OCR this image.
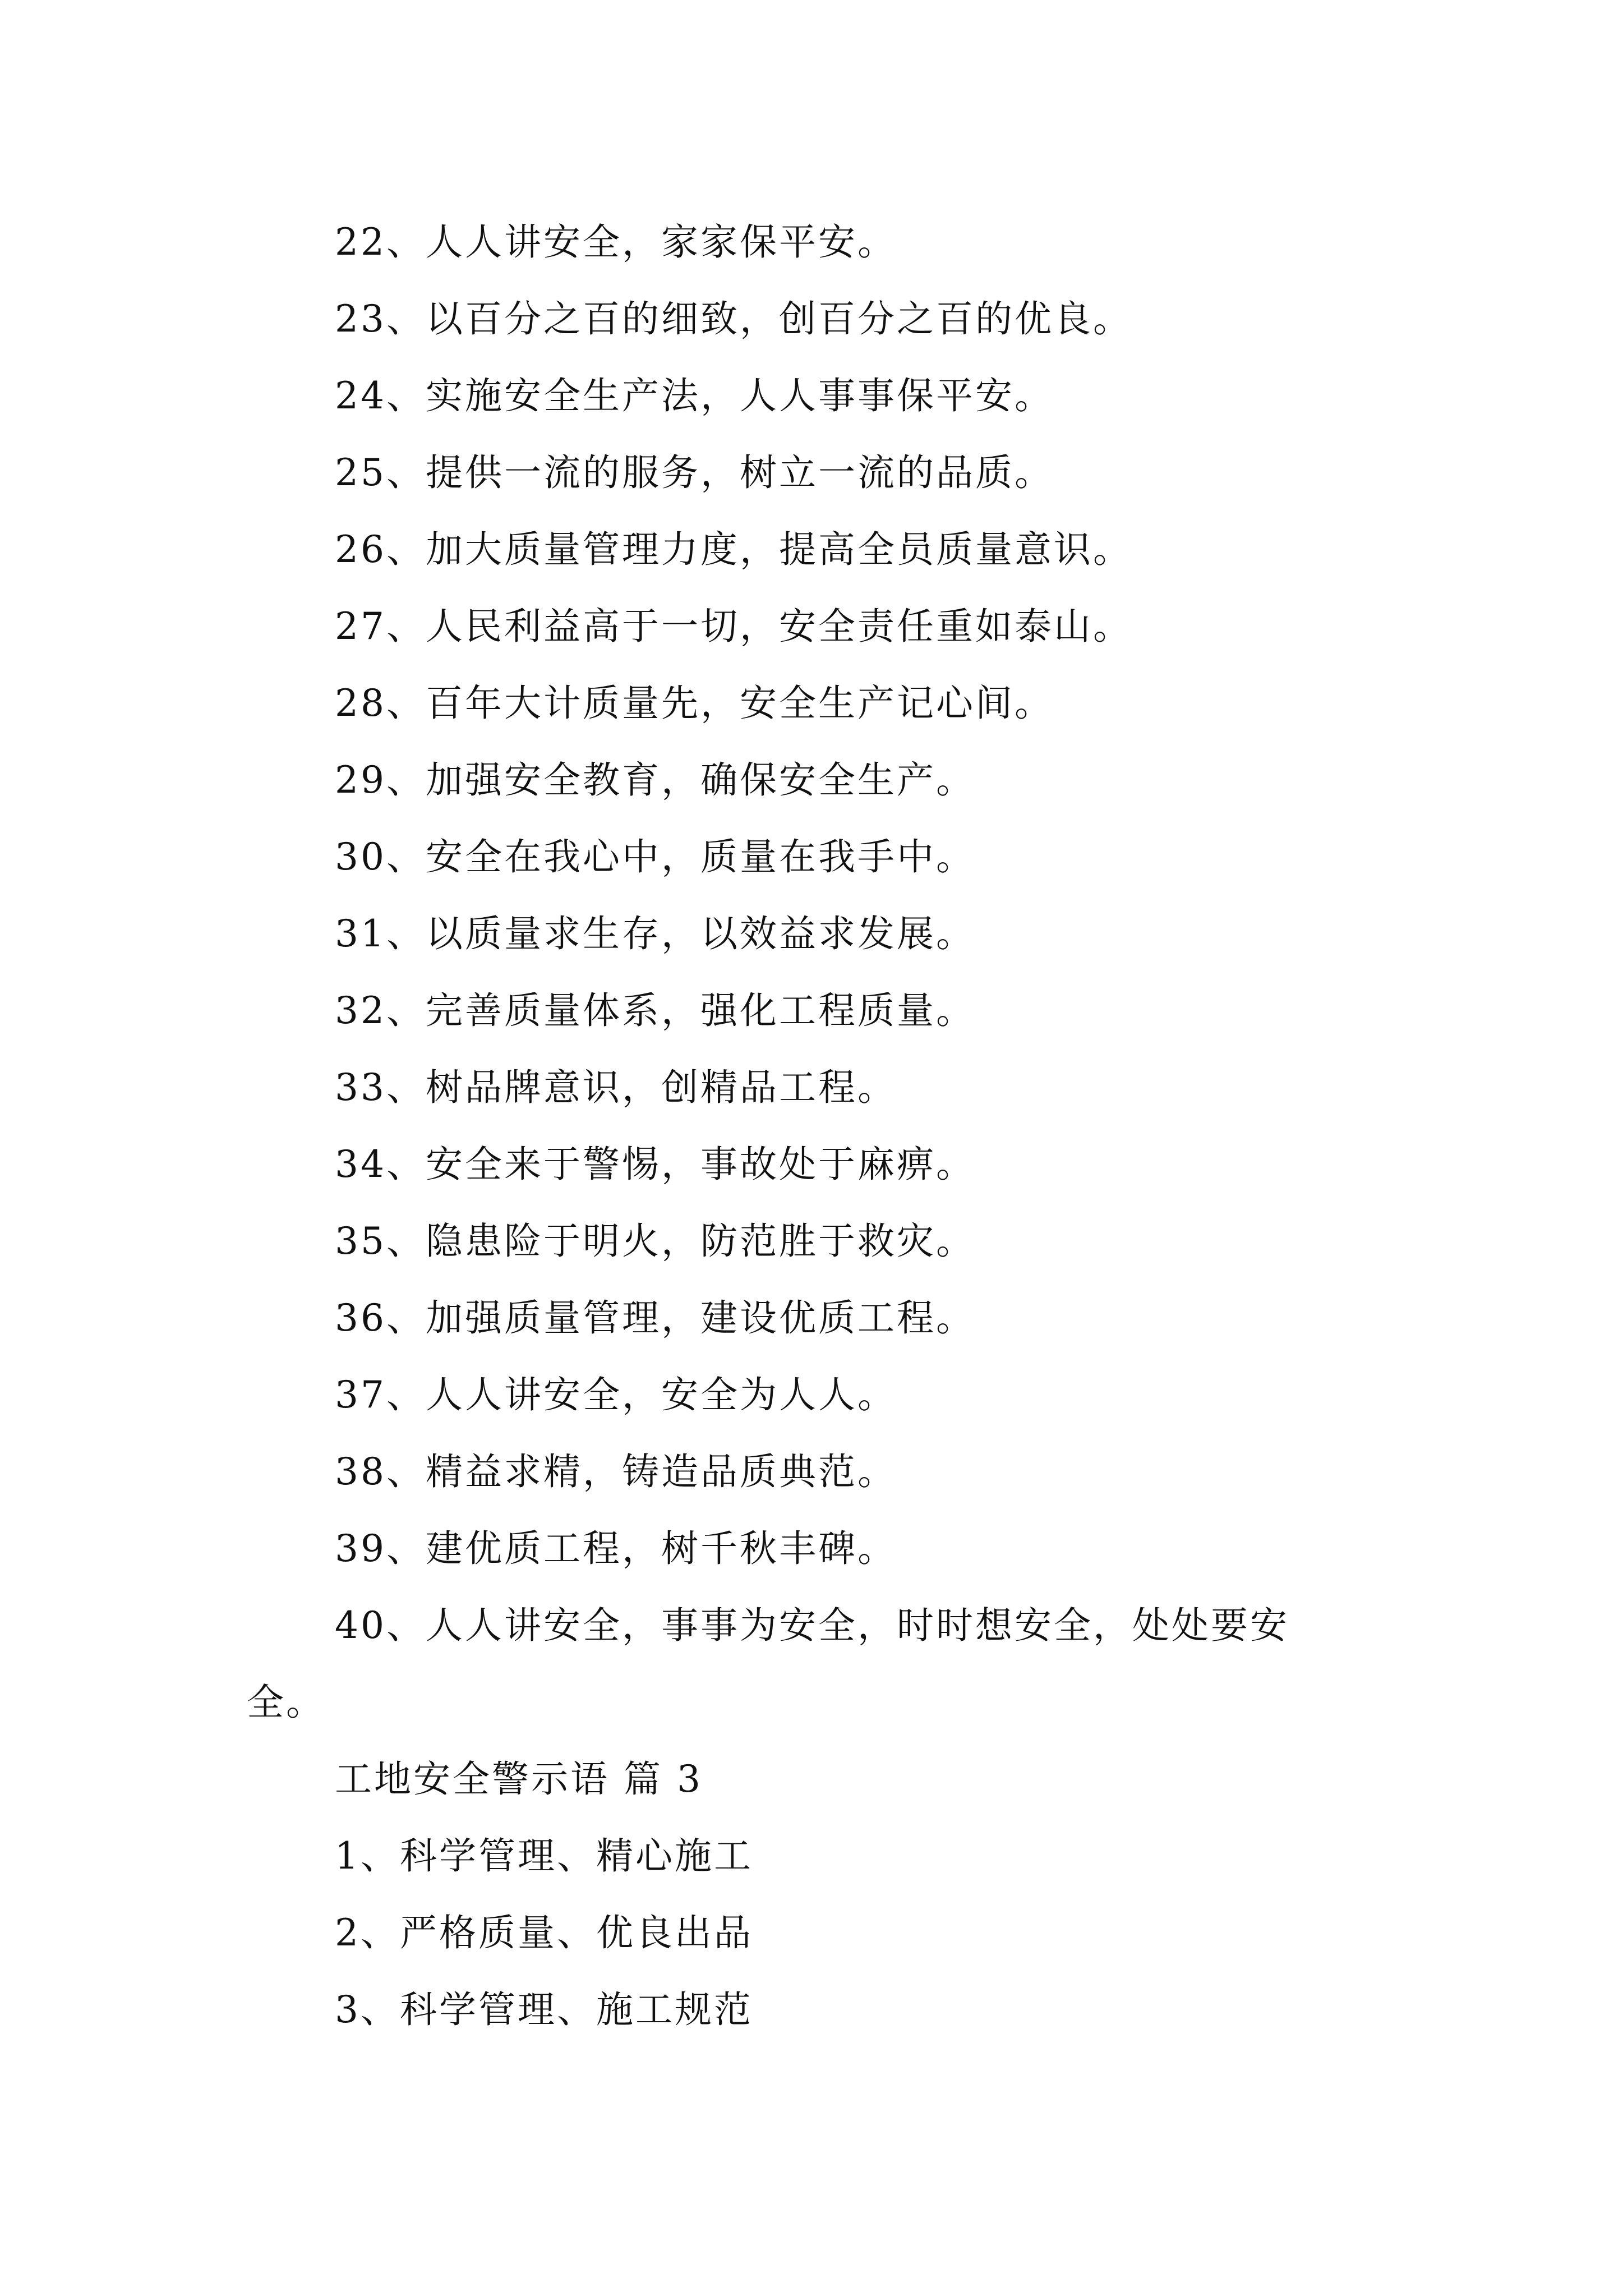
22、人人讲安全，家家保平安。
23、以百分之百的细致，创百分之百的优良。
24、实施安全生产法，人人事事保平安。
25、提供一流的服务，树立一流的品质。
26、加大质量管理力度，提高全员质量意识。
27、人民利益高于一切，安全责任重如泰山。
28、百年大计质量先，安全生产记心间。
29、加强安全教育，确保安全生产。
30、安全在我心中，质量在我手中。
31、以质量求生存，以效益求发展。
32、完善质量体系，强化工程质量。
33、树品牌意识，创精品工程。
34、安全来于警惕，事故处于麻痹。
35、隐患险于明火，防范胜于救灾。
36、加强质量管理，建设优质工程。
37、人人讲安全，安全为人人。
38、精益求精，铸造品质典范。
39、建优质工程，树千秋丰碑。
40、人人讲安全，事事为安全，时时想安全，处处要安
全。
工地安全警示语 篇 3
1、科学管理、精心施工
2、严格质量、优良出品
3、科学管理、施工规范
